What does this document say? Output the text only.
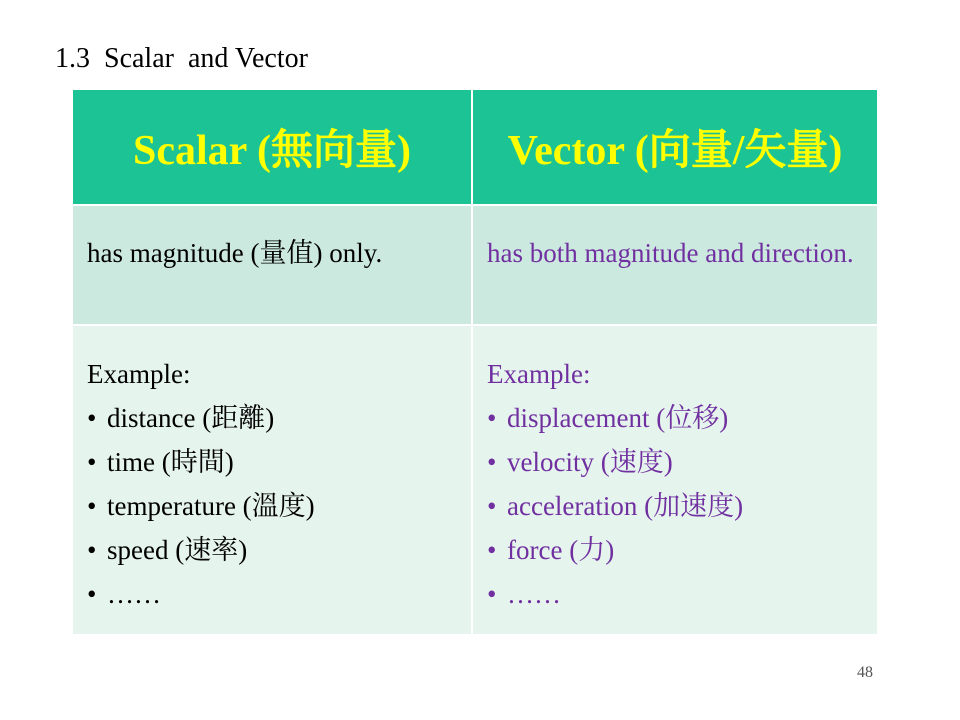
1.3  Scalar  and Vector
Scalar (無向量)	Vector (向量/矢量)
has magnitude (量值) only.	has both magnitude and direction.
Example:
• distance (距離)
• time (時間)
• temperature (溫度)
• speed (速率)
• ……
Example:
• displacement (位移)
• velocity (速度)
• acceleration (加速度)
• force (力)
• ……
48
